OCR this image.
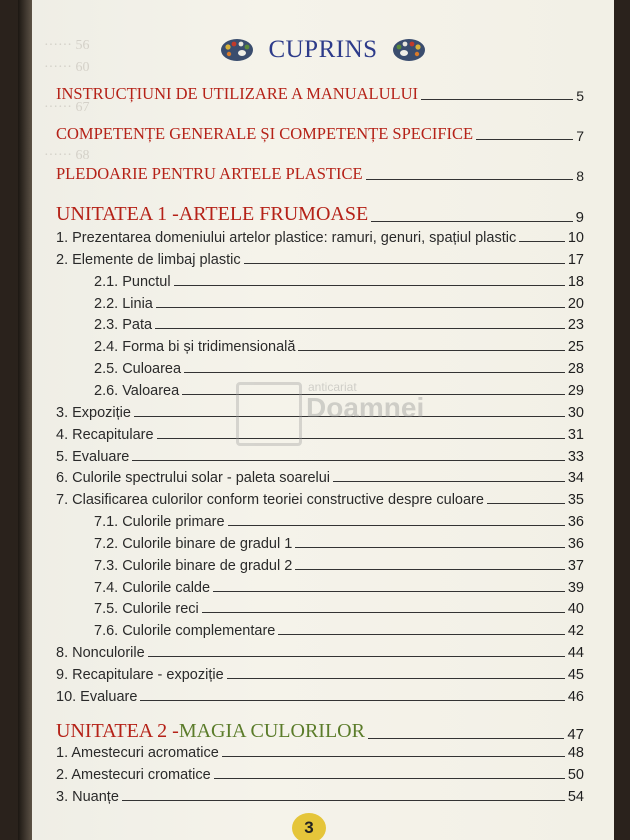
······ 56
······ 60
······ 67
······ 68
CUPRINS
INSTRUCȚIUNI DE UTILIZARE A MANUALULUI	5
COMPETENȚE GENERALE ȘI COMPETENȚE SPECIFICE	7
PLEDOARIE PENTRU ARTELE PLASTICE	8
UNITATEA 1 - ARTELE FRUMOASE	9
1. Prezentarea domeniului artelor plastice: ramuri, genuri, spațiul plastic	10
2. Elemente de limbaj plastic	17
2.1. Punctul	18
2.2. Linia	20
2.3. Pata	23
2.4. Forma bi și tridimensională	25
2.5. Culoarea	28
2.6. Valoarea	29
3. Expoziție	30
4. Recapitulare	31
5. Evaluare	33
6. Culorile spectrului solar - paleta soarelui	34
7. Clasificarea culorilor conform teoriei constructive despre culoare	35
7.1. Culorile primare	36
7.2. Culorile binare de gradul 1	36
7.3. Culorile binare de gradul 2	37
7.4. Culorile calde	39
7.5. Culorile reci	40
7.6. Culorile complementare	42
8. Nonculorile	44
9. Recapitulare - expoziție	45
10. Evaluare	46
anticariat
Doamnei
UNITATEA 2 - MAGIA CULORILOR	47
1. Amestecuri acromatice	48
2. Amestecuri cromatice	50
3. Nuanțe	54
3
